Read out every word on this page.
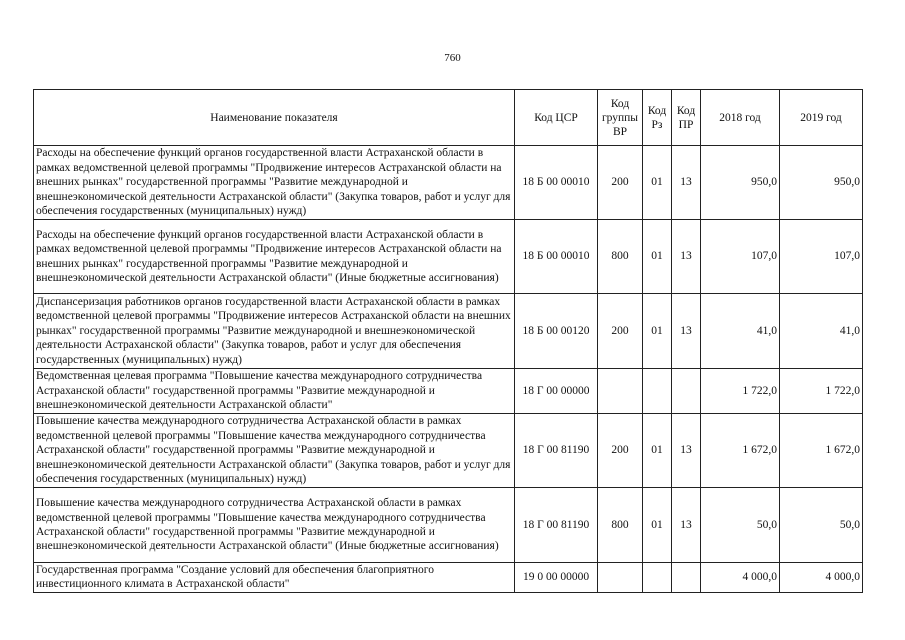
760
Наименование показателя	Код ЦСР	Код группы ВР	Код Рз	Код ПР	2018 год	2019 год
Расходы на обеспечение функций органов государственной власти Астраханской области в рамках ведомственной целевой программы "Продвижение интересов Астраханской области на внешних рынках" государственной программы "Развитие международной и внешнеэкономической деятельности Астраханской области" (Закупка товаров, работ и услуг для обеспечения государственных (муниципальных) нужд)	18 Б 00 00010	200	01	13	950,0	950,0
Расходы на обеспечение функций органов государственной власти Астраханской области в рамках ведомственной целевой программы "Продвижение интересов Астраханской области на внешних рынках" государственной программы "Развитие международной и внешнеэкономической деятельности Астраханской области" (Иные бюджетные ассигнования)	18 Б 00 00010	800	01	13	107,0	107,0
Диспансеризация работников органов государственной власти Астраханской области в рамках ведомственной целевой программы "Продвижение интересов Астраханской области на внешних рынках" государственной программы "Развитие международной и внешнеэкономической деятельности Астраханской области" (Закупка товаров, работ и услуг для обеспечения государственных (муниципальных) нужд)	18 Б 00 00120	200	01	13	41,0	41,0
Ведомственная целевая программа "Повышение качества международного сотрудничества Астраханской области" государственной программы "Развитие международной и внешнеэкономической деятельности Астраханской области"	18 Г 00 00000				1 722,0	1 722,0
Повышение качества международного сотрудничества Астраханской области в рамках ведомственной целевой программы "Повышение качества международного сотрудничества Астраханской области" государственной программы "Развитие международной и внешнеэкономической деятельности Астраханской области" (Закупка товаров, работ и услуг для обеспечения государственных (муниципальных) нужд)	18 Г 00 81190	200	01	13	1 672,0	1 672,0
Повышение качества международного сотрудничества Астраханской области в рамках ведомственной целевой программы "Повышение качества международного сотрудничества Астраханской области" государственной программы "Развитие международной и внешнеэкономической деятельности Астраханской области" (Иные бюджетные ассигнования)	18 Г 00 81190	800	01	13	50,0	50,0
Государственная программа "Создание условий для обеспечения благоприятного инвестиционного климата в Астраханской области"	19 0 00 00000				4 000,0	4 000,0
